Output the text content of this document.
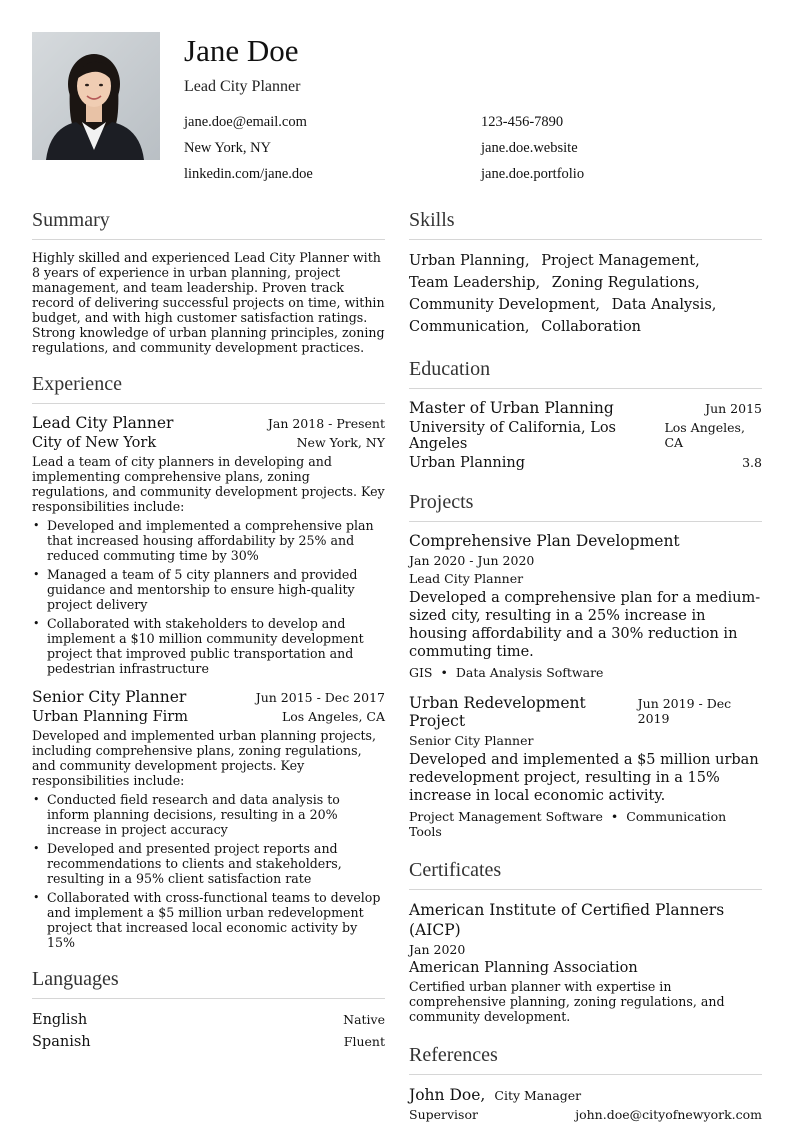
Jane Doe
Lead City Planner
jane.doe@email.com	123-456-7890
New York, NY	jane.doe.website
linkedin.com/jane.doe	jane.doe.portfolio
Summary

Highly skilled and experienced Lead City Planner with 8 years of experience in urban planning, project management, and team leadership. Proven track record of delivering successful projects on time, within budget, and with high customer satisfaction ratings. Strong knowledge of urban planning principles, zoning regulations, and community development practices.

Experience
Lead City Planner	Jan 2018 - Present
City of New York	New York, NY

Lead a team of city planners in developing and implementing comprehensive plans, zoning regulations, and community development projects. Key responsibilities include:

• Developed and implemented a comprehensive plan that increased housing affordability by 25% and reduced commuting time by 30%
• Managed a team of 5 city planners and provided guidance and mentorship to ensure high-quality project delivery
• Collaborated with stakeholders to develop and implement a $10 million community development project that improved public transportation and pedestrian infrastructure
Senior City Planner	Jun 2015 - Dec 2017
Urban Planning Firm	Los Angeles, CA

Developed and implemented urban planning projects, including comprehensive plans, zoning regulations, and community development projects. Key responsibilities include:

• Conducted field research and data analysis to inform planning decisions, resulting in a 20% increase in project accuracy
• Developed and presented project reports and recommendations to clients and stakeholders, resulting in a 95% client satisfaction rate
• Collaborated with cross-functional teams to develop and implement a $5 million urban redevelopment project that increased local economic activity by 15%
Languages
English	Native
Spanish	Fluent
Skills
Urban Planning, Project Management,
Team Leadership, Zoning Regulations,
Community Development, Data Analysis,
Communication, Collaboration
Education
Master of Urban Planning	Jun 2015
University of California, Los Angeles
Los Angeles, CA
Urban Planning	3.8
Projects
Comprehensive Plan Development
Jan 2020 - Jun 2020
Lead City Planner

Developed a comprehensive plan for a medium-sized city, resulting in a 25% increase in housing affordability and a 30% reduction in commuting time.

GIS • Data Analysis Software
Urban Redevelopment Project
Jun 2019 - Dec 2019
Senior City Planner

Developed and implemented a $5 million urban redevelopment project, resulting in a 15% increase in local economic activity.

Project Management Software • Communication Tools
Certificates
American Institute of Certified Planners (AICP)
Jan 2020
American Planning Association

Certified urban planner with expertise in comprehensive planning, zoning regulations, and community development.

References
John Doe, City Manager
Supervisor	john.doe@cityofnewyork.com
